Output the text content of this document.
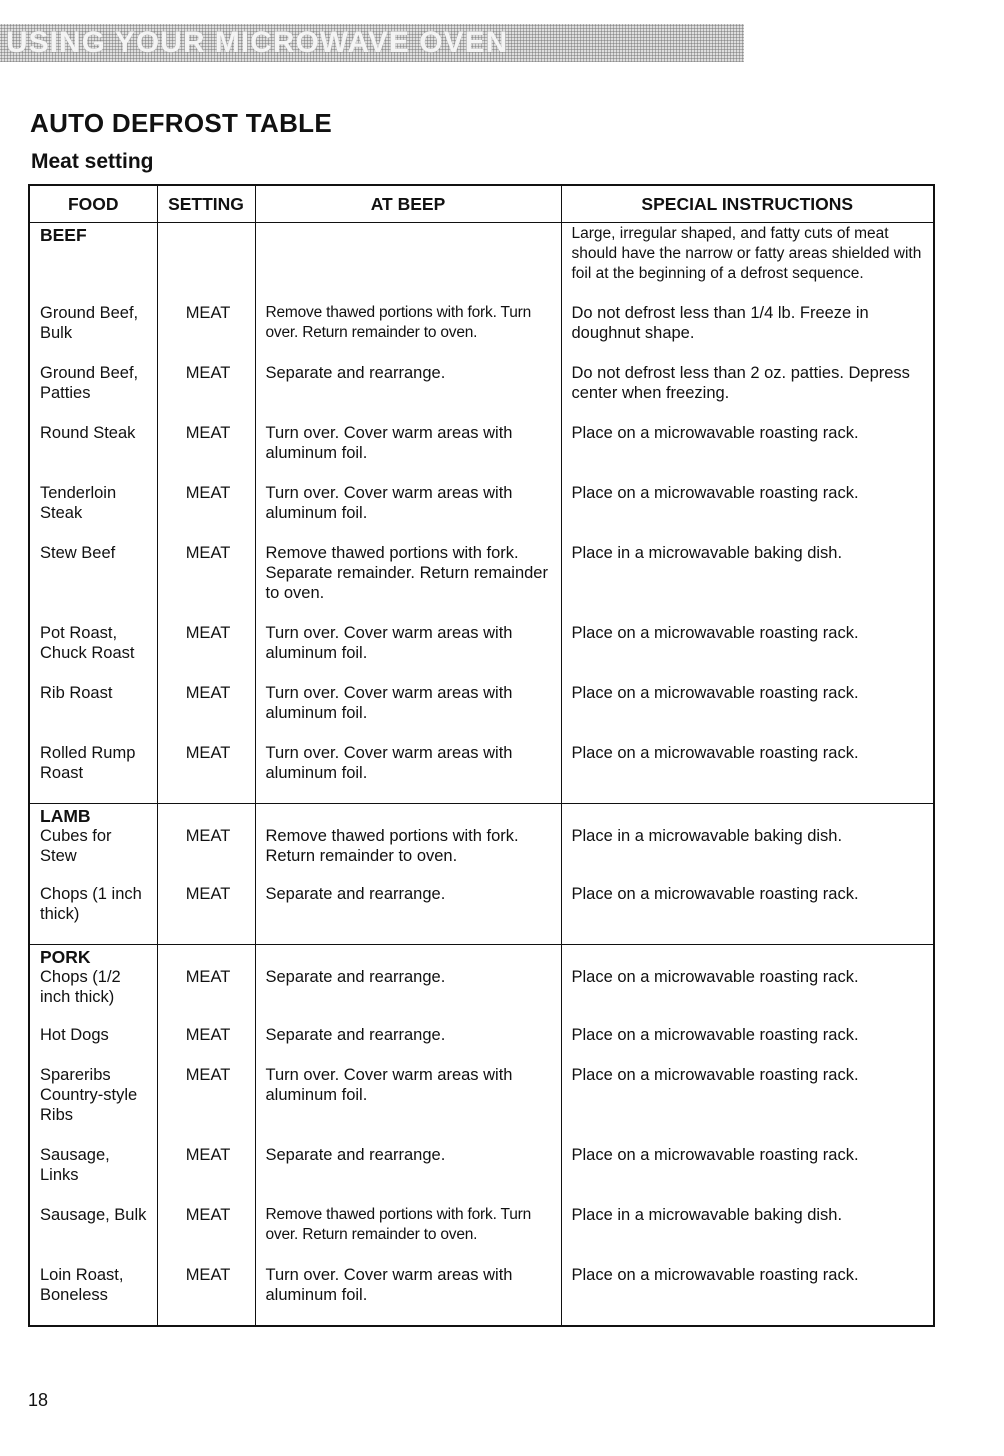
USING YOUR MICROWAVE OVEN
AUTO DEFROST TABLE
Meat setting
FOOD	SETTING	AT BEEP	SPECIAL INSTRUCTIONS

BEEF			Large, irregular shaped, and fatty cuts of meat should have the narrow or fatty areas shielded with foil at the beginning of a defrost sequence.

Ground Beef, Bulk	MEAT	Remove thawed portions with fork. Turn over. Return remainder to oven.	Do not defrost less than 1/4 lb. Freeze in doughnut shape.
Ground Beef, Patties	MEAT	Separate and rearrange.	Do not defrost less than 2 oz. patties. Depress center when freezing.
Round Steak	MEAT	Turn over. Cover warm areas with aluminum foil.	Place on a microwavable roasting rack.
Tenderloin Steak	MEAT	Turn over. Cover warm areas with aluminum foil.	Place on a microwavable roasting rack.
Stew Beef	MEAT	Remove thawed portions with fork. Separate remainder. Return remainder to oven.	Place in a microwavable baking dish.
Pot Roast, Chuck Roast	MEAT	Turn over. Cover warm areas with aluminum foil.	Place on a microwavable roasting rack.
Rib Roast	MEAT	Turn over. Cover warm areas with aluminum foil.	Place on a microwavable roasting rack.
Rolled Rump Roast	MEAT	Turn over. Cover warm areas with aluminum foil.	Place on a microwavable roasting rack.

LAMB
Cubes for Stew	MEAT	Remove thawed portions with fork. Return remainder to oven.	Place in a microwavable baking dish.
Chops (1 inch thick)	MEAT	Separate and rearrange.	Place on a microwavable roasting rack.

PORK
Chops (1/2 inch thick)	MEAT	Separate and rearrange.	Place on a microwavable roasting rack.
Hot Dogs	MEAT	Separate and rearrange.	Place on a microwavable roasting rack.
Spareribs Country-style Ribs	MEAT	Turn over. Cover warm areas with aluminum foil.	Place on a microwavable roasting rack.
Sausage, Links	MEAT	Separate and rearrange.	Place on a microwavable roasting rack.
Sausage, Bulk	MEAT	Remove thawed portions with fork. Turn over. Return remainder to oven.	Place in a microwavable baking dish.
Loin Roast, Boneless	MEAT	Turn over. Cover warm areas with aluminum foil.	Place on a microwavable roasting rack.
18
